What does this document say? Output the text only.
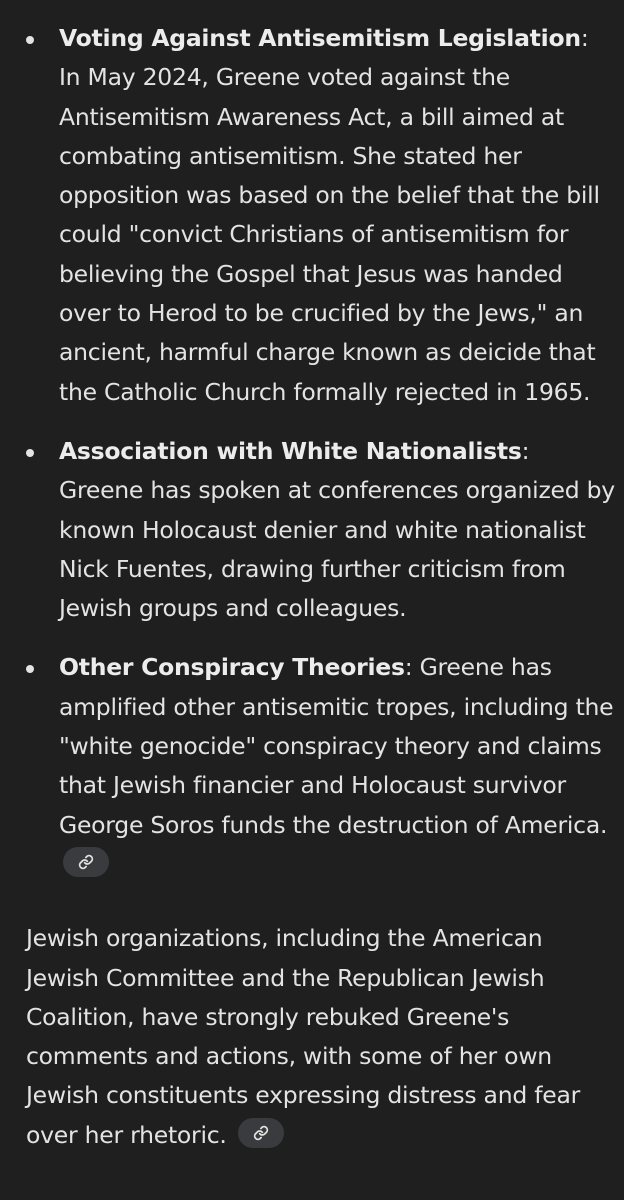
Voting Against Antisemitism Legislation: In May 2024, Greene voted against the Antisemitism Awareness Act, a bill aimed at combating antisemitism. She stated her opposition was based on the belief that the bill could "convict Christians of antisemitism for believing the Gospel that Jesus was handed over to Herod to be crucified by the Jews," an ancient, harmful charge known as deicide that the Catholic Church formally rejected in 1965.
Association with White Nationalists: Greene has spoken at conferences organized by known Holocaust denier and white nationalist Nick Fuentes, drawing further criticism from Jewish groups and colleagues.
Other Conspiracy Theories: Greene has amplified other antisemitic tropes, including the "white genocide" conspiracy theory and claims that Jewish financier and Holocaust survivor George Soros funds the destruction of America.

Jewish organizations, including the American Jewish Committee and the Republican Jewish Coalition, have strongly rebuked Greene's comments and actions, with some of her own Jewish constituents expressing distress and fear over her rhetoric.
